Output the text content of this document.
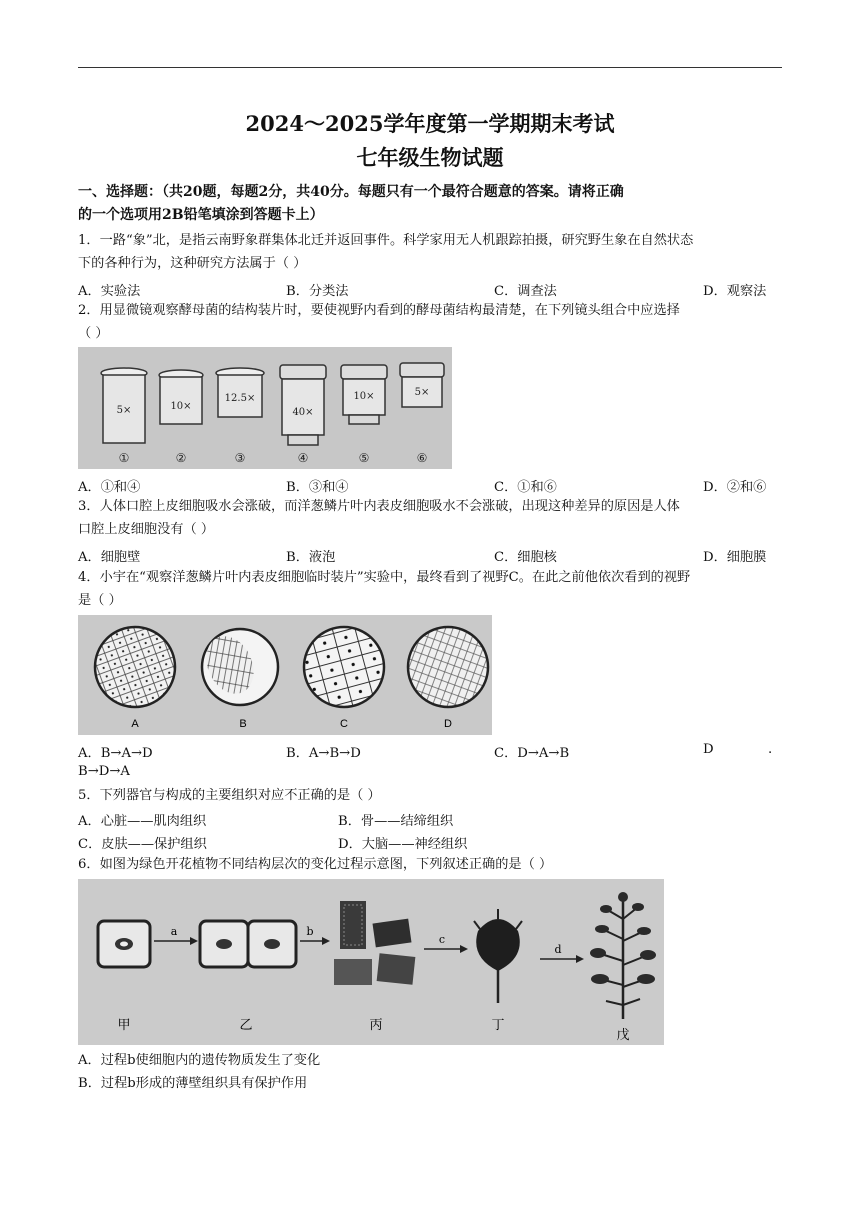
2024～2025学年度第一学期期末考试
七年级生物试题
一、选择题：（共20题，每题2分，共40分。每题只有一个最符合题意的答案。请将正确
的一个选项用2B铅笔填涂到答题卡上）
1．一路“象”北，是指云南野象群集体北迁并返回事件。科学家用无人机跟踪拍摄，研究野生象在自然状态
下的各种行为，这种研究方法属于（ ）
A．实验法	B．分类法	C．调查法	D．观察法
2．用显微镜观察酵母菌的结构装片时，要使视野内看到的酵母菌结构最清楚，在下列镜头组合中应选择
（ ）
5×
①
10×
②
12.5×
③
40×
④
10×
⑤
5×
⑥
A．①和④	B．③和④	C．①和⑥	D．②和⑥
3．人体口腔上皮细胞吸水会涨破，而洋葱鳞片叶内表皮细胞吸水不会涨破，出现这种差异的原因是人体
口腔上皮细胞没有（ ）
A．细胞壁	B．液泡	C．细胞核	D．细胞膜
4．小宇在“观察洋葱鳞片叶内表皮细胞临时装片”实验中，最终看到了视野C。在此之前他依次看到的视野
是（ ）
A	B	C	D
A．B→A→D	B．A→B→D	C．D→A→B	D	.
B→D→A
5．下列器官与构成的主要组织对应不正确的是（ ）
A．心脏——肌肉组织	B．骨——结缔组织
C．皮肤——保护组织	D．大脑——神经组织
6．如图为绿色开花植物不同结构层次的变化过程示意图，下列叙述正确的是（ ）
甲
a
乙
b
丙
c
丁
d
戊
A．过程b使细胞内的遗传物质发生了变化
B．过程b形成的薄壁组织具有保护作用
